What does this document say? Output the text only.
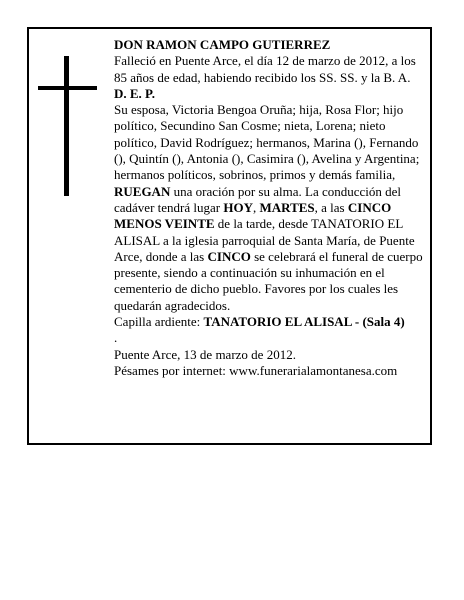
DON RAMON CAMPO GUTIERREZ

Falleció en Puente Arce, el día 12 de marzo de 2012, a los 85 años de edad, habiendo recibido los SS. SS. y la B. A.

D. E. P.

Su esposa, Victoria Bengoa Oruña; hija, Rosa Flor; hijo político, Secundino San Cosme; nieta, Lorena; nieto político, David Rodríguez; hermanos, Marina (), Fernando (), Quintín (), Antonia (), Casimira (), Avelina y Argentina; hermanos políticos, sobrinos, primos y demás familia,

RUEGAN una oración por su alma. La conducción del cadáver tendrá lugar HOY, MARTES, a las CINCO MENOS VEINTE de la tarde, desde TANATORIO EL ALISAL a la iglesia parroquial de Santa María, de Puente Arce, donde a las CINCO se celebrará el funeral de cuerpo presente, siendo a continuación su inhumación en el cementerio de dicho pueblo. Favores por los cuales les quedarán agradecidos.

Capilla ardiente: TANATORIO EL ALISAL - (Sala 4)

.

Puente Arce, 13 de marzo de 2012.

Pésames por internet: www.funerarialamontanesa.com
